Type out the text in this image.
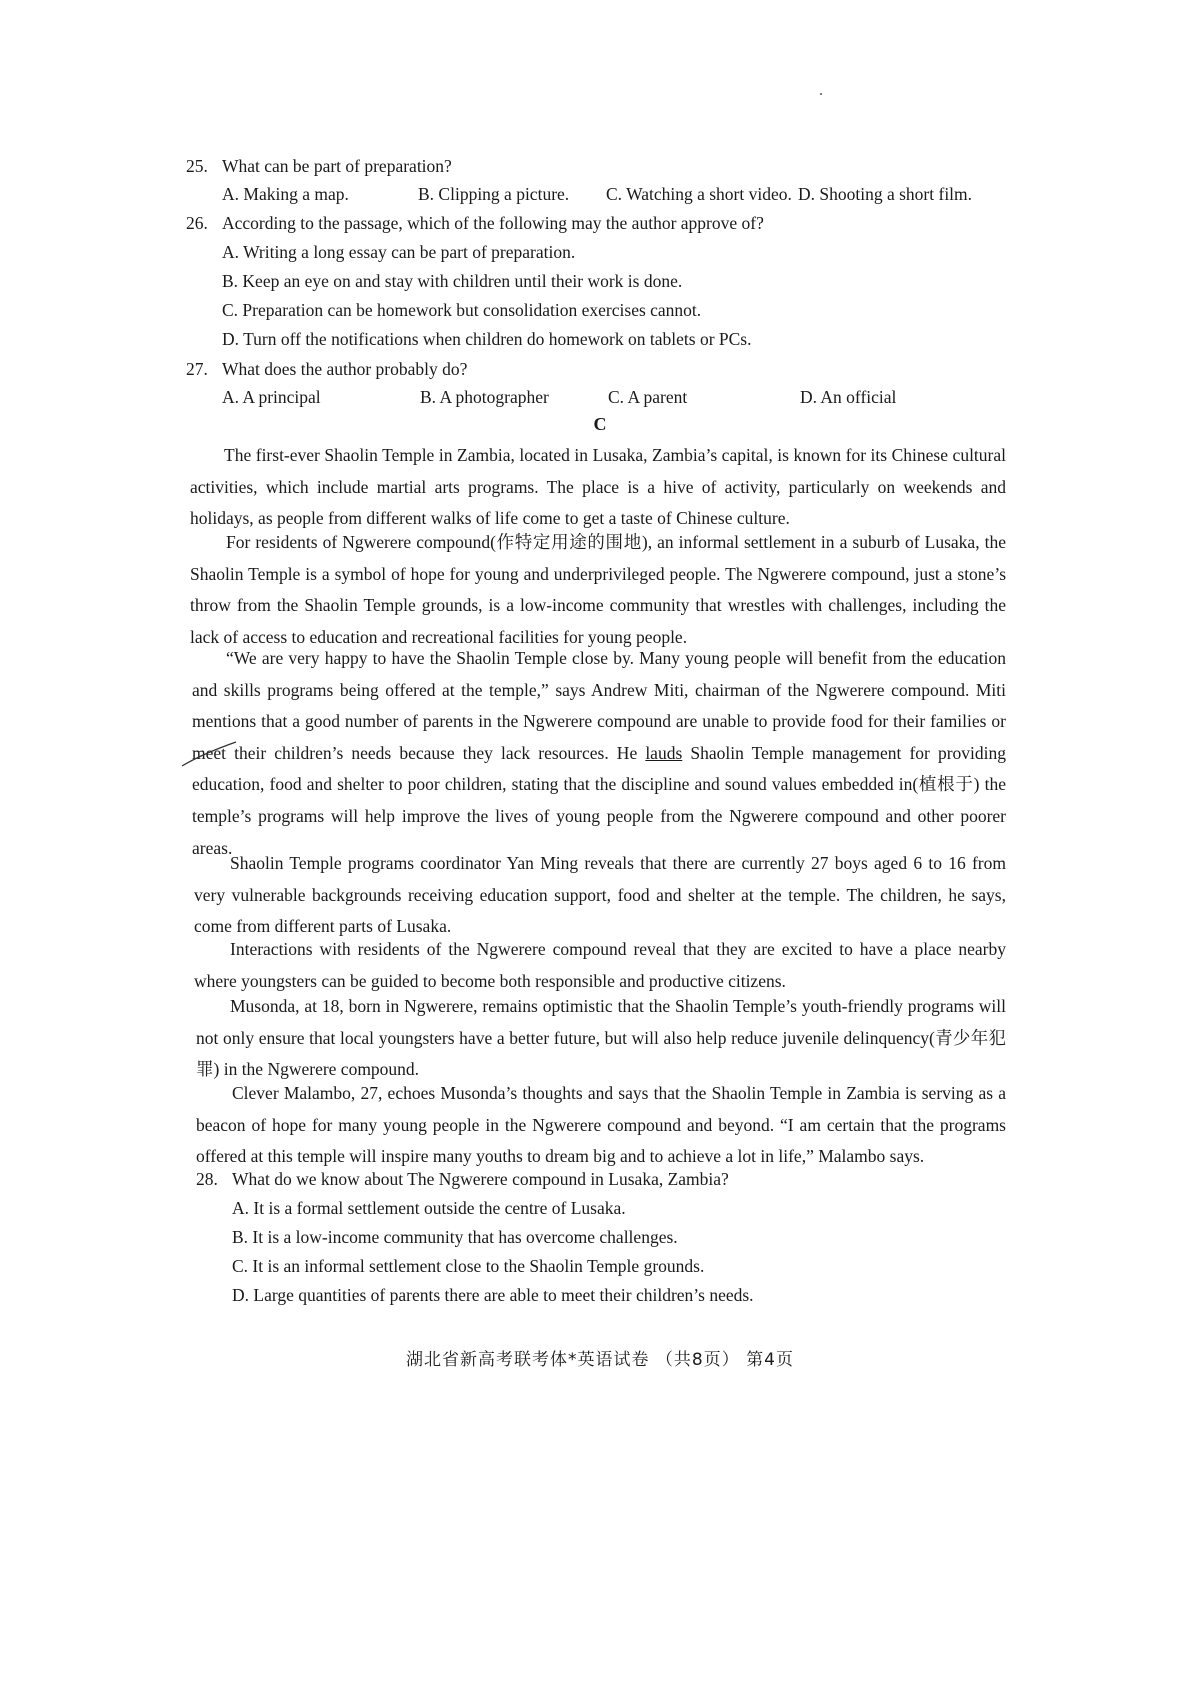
25. What can be part of preparation?
A. Making a map.	B. Clipping a picture. C. Watching a short video. D. Shooting a short film.
26. According to the passage, which of the following may the author approve of?
A. Writing a long essay can be part of preparation.
B. Keep an eye on and stay with children until their work is done.
C. Preparation can be homework but consolidation exercises cannot.
D. Turn off the notifications when children do homework on tablets or PCs.
27. What does the author probably do?
A. A principal	B. A photographer	C. A parent	D. An official
C
The first-ever Shaolin Temple in Zambia, located in Lusaka, Zambia’s capital, is known for its Chinese cultural activities, which include martial arts programs. The place is a hive of activity, particularly on weekends and holidays, as people from different walks of life come to get a taste of Chinese culture.
For residents of Ngwerere compound(作特定用途的围地), an informal settlement in a suburb of Lusaka, the Shaolin Temple is a symbol of hope for young and underprivileged people. The Ngwerere compound, just a stone’s throw from the Shaolin Temple grounds, is a low-income community that wrestles with challenges, including the lack of access to education and recreational facilities for young people.
“We are very happy to have the Shaolin Temple close by. Many young people will benefit from the education and skills programs being offered at the temple,” says Andrew Miti, chairman of the Ngwerere compound. Miti mentions that a good number of parents in the Ngwerere compound are unable to provide food for their families or meet their children’s needs because they lack resources. He lauds Shaolin Temple management for providing education, food and shelter to poor children, stating that the discipline and sound values embedded in(植根于) the temple’s programs will help improve the lives of young people from the Ngwerere compound and other poorer areas.
Shaolin Temple programs coordinator Yan Ming reveals that there are currently 27 boys aged 6 to 16 from very vulnerable backgrounds receiving education support, food and shelter at the temple. The children, he says, come from different parts of Lusaka.
Interactions with residents of the Ngwerere compound reveal that they are excited to have a place nearby where youngsters can be guided to become both responsible and productive citizens.
Musonda, at 18, born in Ngwerere, remains optimistic that the Shaolin Temple’s youth-friendly programs will not only ensure that local youngsters have a better future, but will also help reduce juvenile delinquency(青少年犯罪) in the Ngwerere compound.
Clever Malambo, 27, echoes Musonda’s thoughts and says that the Shaolin Temple in Zambia is serving as a beacon of hope for many young people in the Ngwerere compound and beyond. “I am certain that the programs offered at this temple will inspire many youths to dream big and to achieve a lot in life,” Malambo says.
28. What do we know about The Ngwerere compound in Lusaka, Zambia?
A. It is a formal settlement outside the centre of Lusaka.
B. It is a low-income community that has overcome challenges.
C. It is an informal settlement close to the Shaolin Temple grounds.
D. Large quantities of parents there are able to meet their children’s needs.
湖北省新高考联考体*英语试卷 （共8页） 第4页
